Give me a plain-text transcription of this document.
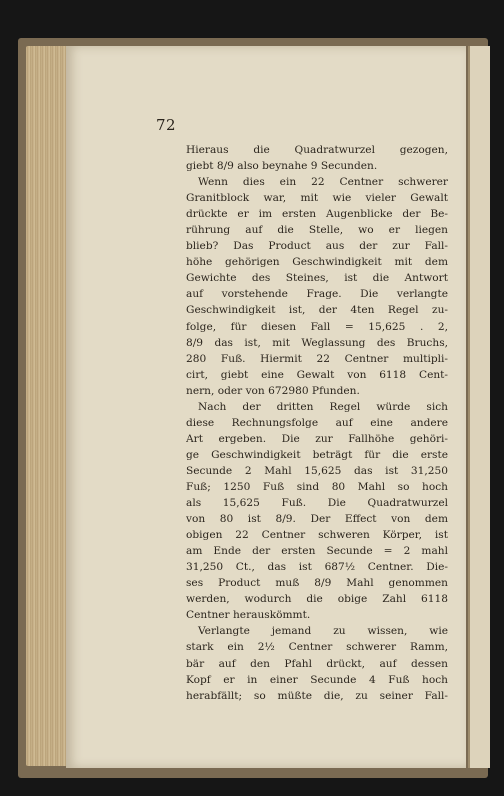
72
Hieraus die Quadratwurzel gezogen,
giebt 8/9 also beynahe 9 Secunden.
Wenn dies ein 22 Centner schwerer
Granitblock war, mit wie vieler Gewalt
drückte er im ersten Augenblicke der Be-
rührung auf die Stelle, wo er liegen
blieb? Das Product aus der zur Fall-
höhe gehörigen Geschwindigkeit mit dem
Gewichte des Steines, ist die Antwort
auf vorstehende Frage. Die verlangte
Geschwindigkeit ist, der 4ten Regel zu-
folge, für diesen Fall = 15,625 . 2,
8/9 das ist, mit Weglassung des Bruchs,
280 Fuß. Hiermit 22 Centner multipli-
cirt, giebt eine Gewalt von 6118 Cent-
nern, oder von 672980 Pfunden.
Nach der dritten Regel würde sich
diese Rechnungsfolge auf eine andere
Art ergeben. Die zur Fallhöhe gehöri-
ge Geschwindigkeit beträgt für die erste
Secunde 2 Mahl 15,625 das ist 31,250
Fuß; 1250 Fuß sind 80 Mahl so hoch
als 15,625 Fuß. Die Quadratwurzel
von 80 ist 8/9. Der Effect von dem
obigen 22 Centner schweren Körper, ist
am Ende der ersten Secunde = 2 mahl
31,250 Ct., das ist 687½ Centner. Die-
ses Product muß 8/9 Mahl genommen
werden, wodurch die obige Zahl 6118
Centner herauskömmt.
Verlangte jemand zu wissen, wie
stark ein 2½ Centner schwerer Ramm,
bär auf den Pfahl drückt, auf dessen
Kopf er in einer Secunde 4 Fuß hoch
herabfällt; so müßte die, zu seiner Fall-
